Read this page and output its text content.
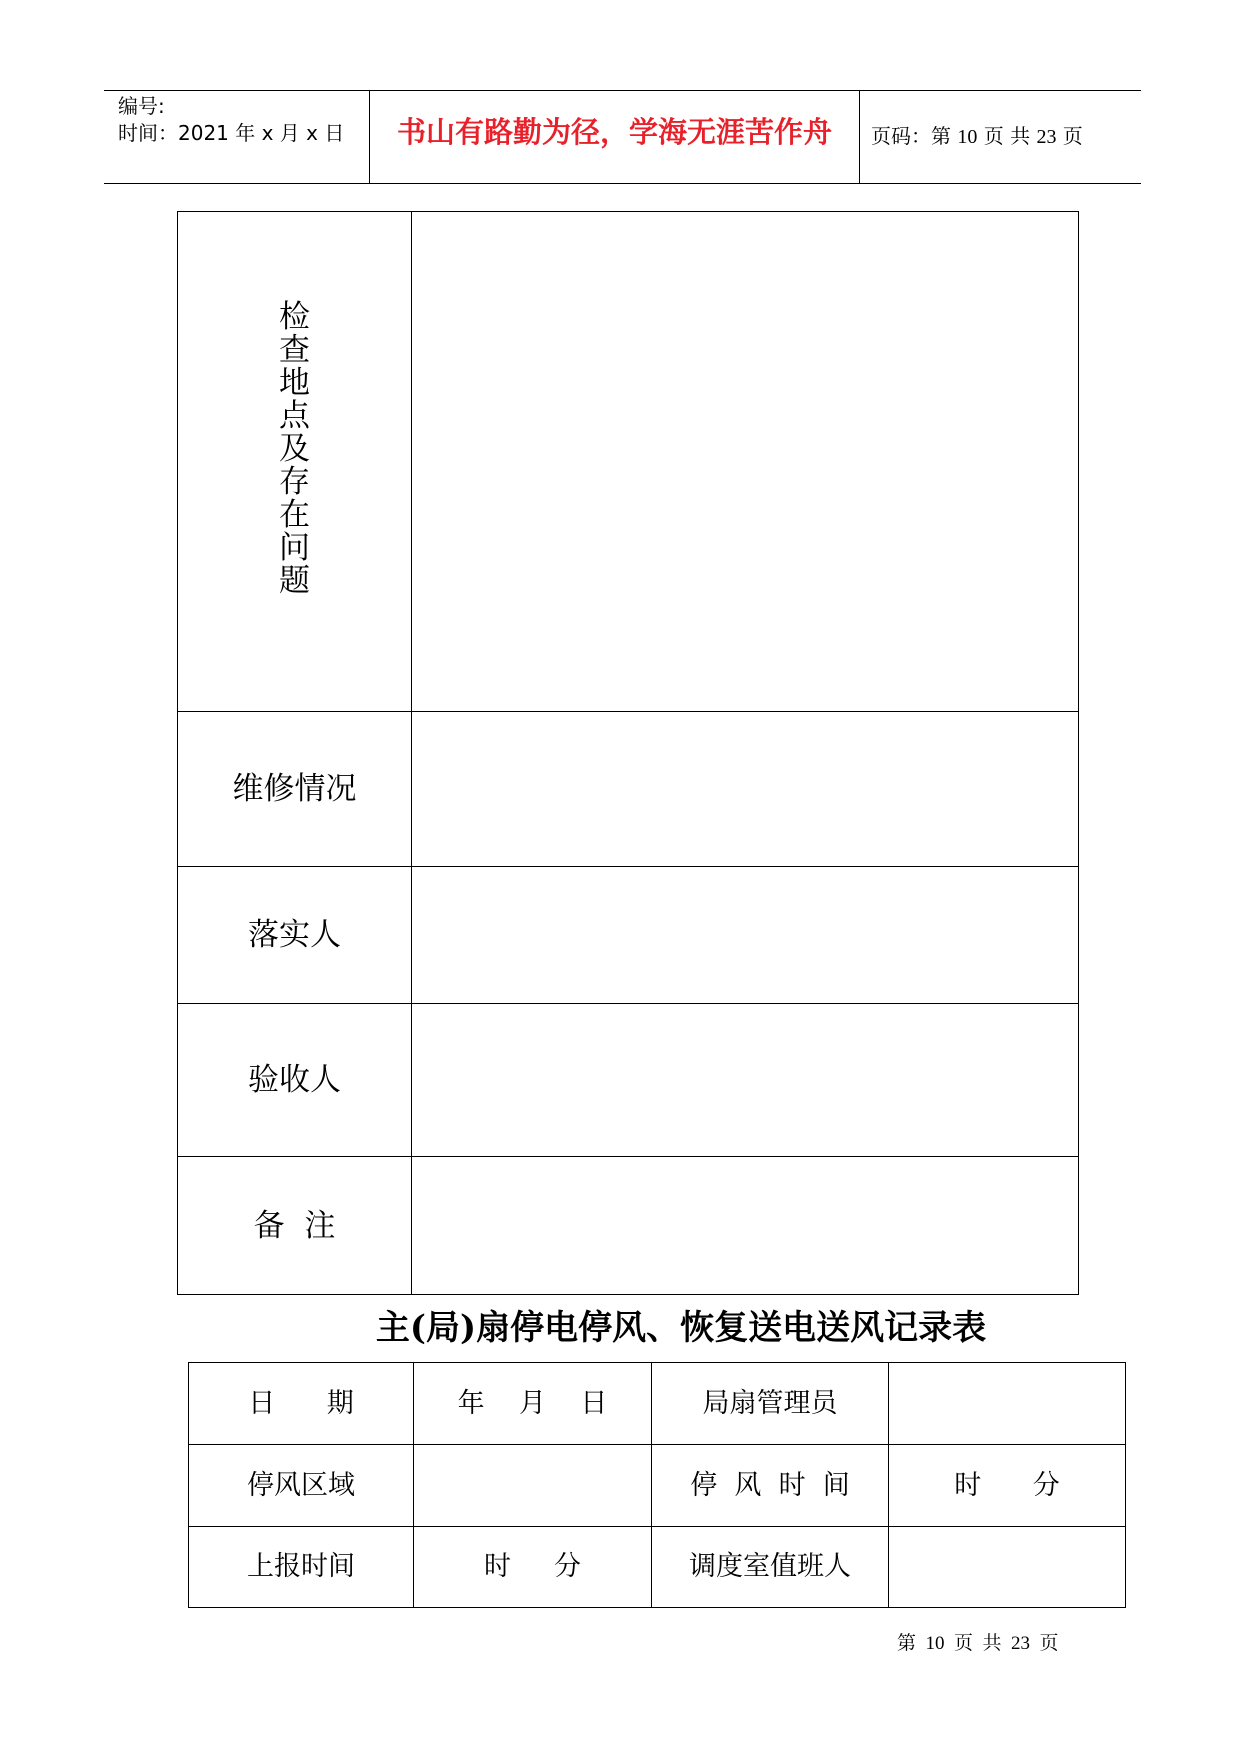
编号:
时间：2021 年 x 月 x 日	书山有路勤为径，学海无涯苦作舟	页码：第 10 页 共 23 页
检查地点及存在问题	
维修情况	
落实人	
验收人	
备  注	
主(局)扇停电停风、恢复送电送风记录表
日      期	年    月    日	局扇管理员	
停风区域		停  风  时  间	时      分
上报时间	时     分	调度室值班人	
第  10  页  共  23  页
